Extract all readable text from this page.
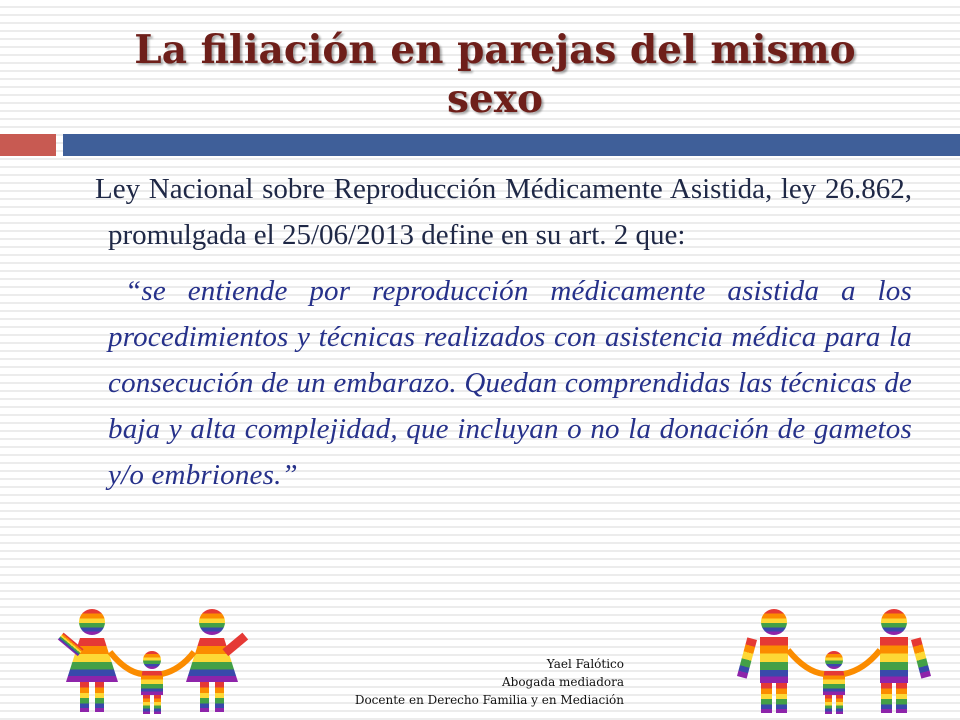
La filiación en parejas del mismo
sexo

Ley Nacional sobre Reproducción Médicamente Asistida, ley 26.862, promulgada el 25/06/2013 define en su art. 2 que:

“se entiende por reproducción médicamente asistida a los procedimientos y técnicas realizados con asistencia médica para la consecución de un embarazo. Quedan comprendidas las técnicas de baja y alta complejidad, que incluyan o no la donación de gametos y/o embriones.”

Yael Falótico
Abogada mediadora
Docente en Derecho Familia y en Mediación
